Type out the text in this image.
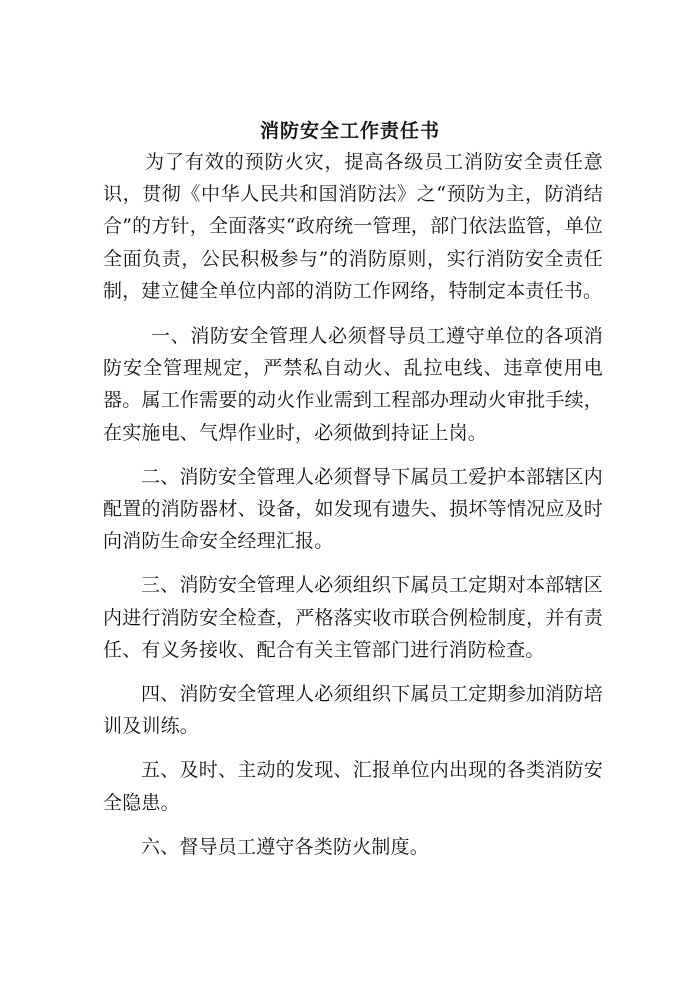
消防安全工作责任书

为了有效的预防火灾，提高各级员工消防安全责任意识，贯彻《中华人民共和国消防法》之“预防为主，防消结合”的方针，全面落实“政府统一管理，部门依法监管，单位全面负责，公民积极参与”的消防原则，实行消防安全责任制，建立健全单位内部的消防工作网络，特制定本责任书。

一、消防安全管理人必须督导员工遵守单位的各项消防安全管理规定，严禁私自动火、乱拉电线、违章使用电器。属工作需要的动火作业需到工程部办理动火审批手续，在实施电、气焊作业时，必须做到持证上岗。

二、消防安全管理人必须督导下属员工爱护本部辖区内配置的消防器材、设备，如发现有遗失、损坏等情况应及时向消防生命安全经理汇报。

三、消防安全管理人必须组织下属员工定期对本部辖区内进行消防安全检查，严格落实收市联合例检制度，并有责任、有义务接收、配合有关主管部门进行消防检查。

四、消防安全管理人必须组织下属员工定期参加消防培训及训练。

五、及时、主动的发现、汇报单位内出现的各类消防安全隐患。

六、督导员工遵守各类防火制度。
